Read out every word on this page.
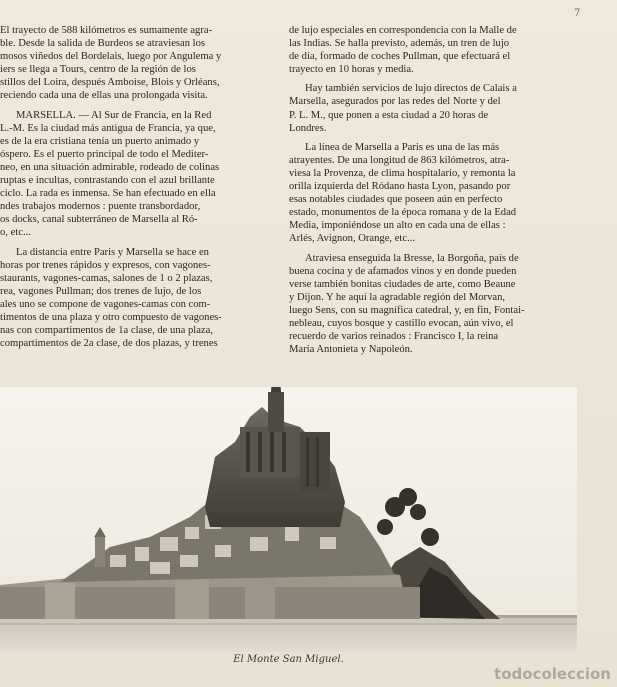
7

El trayecto de 588 kilómetros es sumamente agra-
ble. Desde la salida de Burdeos se atraviesan los
mosos viñedos del Bordelais, luego por Angulema y
iers se llega a Tours, centro de la región de los
stillos del Loira, después Amboise, Blois y Orléans,
reciendo cada una de ellas una prolongada visita.

MARSELLA. — Al Sur de Francia, en la Red
L.-M. Es la ciudad más antigua de Francia, ya que,
es de la era cristiana tenía un puerto animado y
óspero. Es el puerto principal de todo el Mediter-
neo, en una situación admirable, rodeado de colinas
ruptas e incultas, contrastando con el azul brillante
ciclo. La rada es inmensa. Se han efectuado en ella
ndes trabajos modernos : puente transbordador,
os docks, canal subterráneo de Marsella al Ró-
o, etc...

La distancia entre Paris y Marsella se hace en
horas por trenes rápidos y expresos, con vagones-
staurants, vagones-camas, salones de 1 o 2 plazas,
rea, vagones Pullman; dos trenes de lujo, de los
ales uno se compone de vagones-camas con com-
timentos de una plaza y otro compuesto de vagones-
nas con compartimentos de 1a clase, de una plaza,
compartimentos de 2a clase, de dos plazas, y trenes

de lujo especiales en correspondencia con la Malle de
las Indias. Se halla previsto, además, un tren de lujo
de día, formado de coches Pullman, que efectuará el
trayecto en 10 horas y media.

Hay también servicios de lujo directos de Calais a
Marsella, asegurados por las redes del Norte y del
P. L. M., que ponen a esta ciudad a 20 horas de
Londres.

La línea de Marsella a Paris es una de las más
atrayentes. De una longitud de 863 kilómetros, atra-
viesa la Provenza, de clima hospitalario, y remonta la
orilla izquierda del Ródano hasta Lyon, pasando por
esas notables ciudades que poseen aún en perfecto
estado, monumentos de la época romana y de la Edad
Media, imponiéndose un alto en cada una de ellas :
Arlés, Avignon, Orange, etc...

Atraviesa enseguida la Bresse, la Borgoña, país de
buena cocina y de afamados vinos y en donde pueden
verse también bonitas ciudades de arte, como Beaune
y Dijon. Y he aquí la agradable región del Morvan,
luego Sens, con su magnífica catedral, y, en fin, Fontai-
nebleau, cuyos bosque y castillo evocan, aún vivo, el
recuerdo de varios reinados : Francisco I, la reina
María Antonieta y Napoleón.

El Monte San Miguel.
todocoleccion
